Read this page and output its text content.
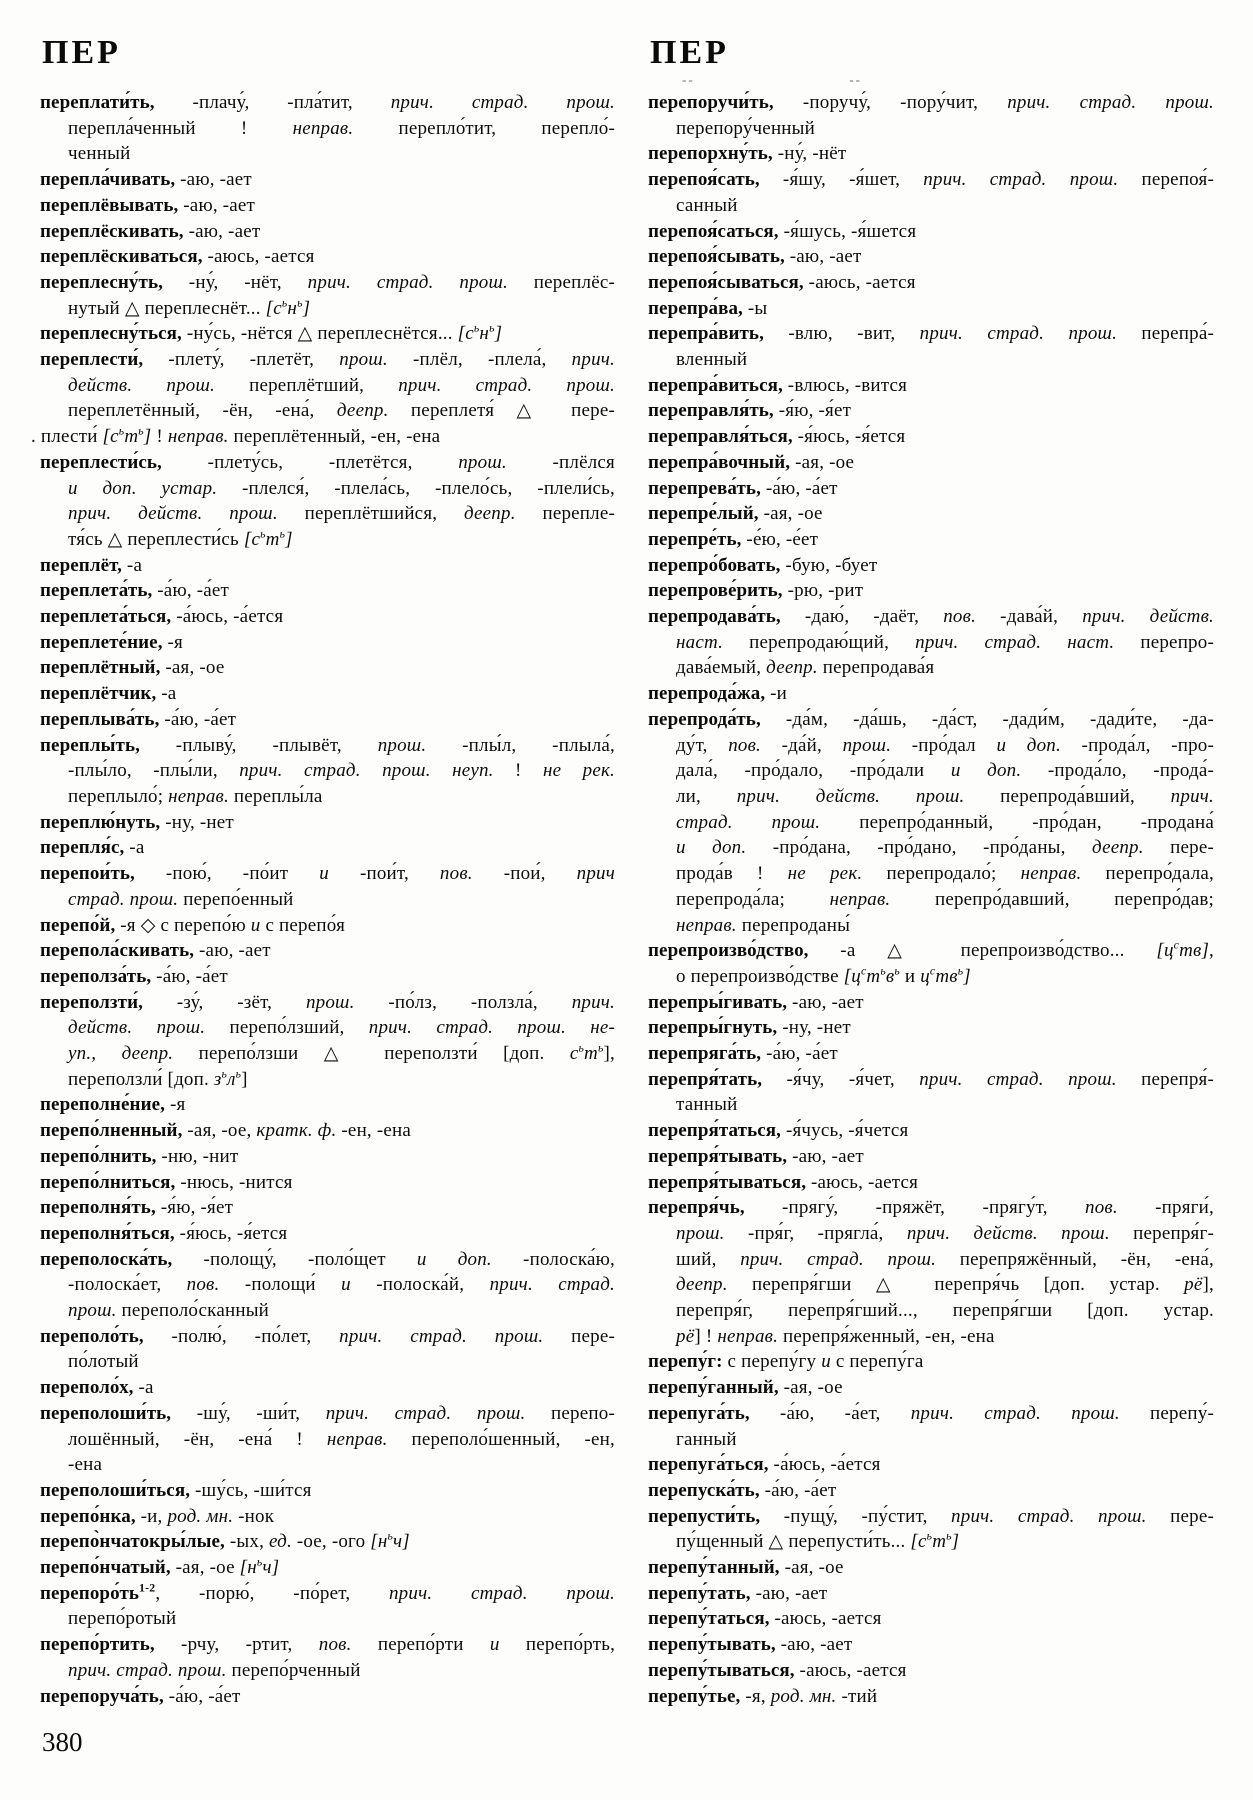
ПЕР	ПЕР
--	--
переплати́ть, -плачу́, -пла́тит, прич. страд. прош.
перепла́ченный ! неправ. перепло́тит, перепло́-
ченный
перепла́чивать, -аю, -ает
переплёвывать, -аю, -ает
переплёскивать, -аю, -ает
переплёскиваться, -аюсь, -ается
переплесну́ть, -ну́, -нёт, прич. страд. прош. переплёс-
нутый △ переплеснёт... $[с^ьн^ь]$
переплесну́ться, -ну́сь, -нётся △ переплеснётся... $[с^ьн^ь]$
переплести́, -плету́, -плетёт, прош. -плёл, -плела́, прич.
действ. прош. переплётший, прич. страд. прош.
переплетённый, -ён, -ена́, деепр. переплетя́ △ пере-
. плести́ $[с^ьт^ь]$ ! неправ. переплётенный, -ен, -ена
переплести́сь, -плету́сь, -плетётся, прош. -плёлся
и доп. устар. -плелся́, -плела́сь, -плело́сь, -плели́сь,
прич. действ. прош. переплётшийся, деепр. перепле-
тя́сь △ переплести́сь $[с^ьт^ь]$
переплёт, -а
переплета́ть, -а́ю, -а́ет
переплета́ться, -а́юсь, -а́ется
переплете́ние, -я
переплётный, -ая, -ое
переплётчик, -а
переплыва́ть, -а́ю, -а́ет
переплы́ть, -плыву́, -плывёт, прош. -плы́л, -плыла́,
-плы́ло, -плы́ли, прич. страд. прош. неуп. ! не рек.
переплыло́; неправ. переплы́ла
переплю́нуть, -ну, -нет
перепля́с, -а
перепои́ть, -пою́, -по́ит и -пои́т, пов. -пои́, прич
страд. прош. перепо́енный
перепо́й, -я ◇ с перепо́ю и с перепо́я
перепола́скивать, -аю, -ает
переполза́ть, -а́ю, -а́ет
переползти́, -зу́, -зёт, прош. -по́лз, -ползла́, прич.
действ. прош. перепо́лзший, прич. страд. прош. не-
уп., деепр. перепо́лзши △ переползти́ [доп. $с^ьт^ь$],
переползли́ [доп. $з^ьл^ь$]
переполне́ние, -я
перепо́лненный, -ая, -ое, кратк. ф. -ен, -ена
перепо́лнить, -ню, -нит
перепо́лниться, -нюсь, -нится
переполня́ть, -я́ю, -я́ет
переполня́ться, -я́юсь, -я́ется
переполоска́ть, -полощу́, -поло́щет и доп. -полоска́ю,
-полоска́ет, пов. -полощи́ и -полоска́й, прич. страд.
прош. переполо́сканный
переполо́ть, -полю́, -по́лет, прич. страд. прош. пере-
по́лотый
переполо́х, -а
переполоши́ть, -шу́, -ши́т, прич. страд. прош. перепо-
лошённый, -ён, -ена́ ! неправ. переполо́шенный, -ен,
-ена
переполоши́ться, -шу́сь, -ши́тся
перепо́нка, -и, род. мн. -нок
перепо̀нчатокры́лые, -ых, ед. -ое, -ого $[н^ьч]$
перепо́нчатый, -ая, -ое $[н^ьч]$
$перепоро́ть^{1-2}$, -порю́, -по́рет, прич. страд. прош.
перепо́ротый
перепо́ртить, -рчу, -ртит, пов. перепо́рти и перепо́рть,
прич. страд. прош. перепо́рченный
перепоруча́ть, -а́ю, -а́ет
перепоручи́ть, -поручу́, -пору́чит, прич. страд. прош.
перепору́ченный
перепорхну́ть, -ну́, -нёт
перепоя́сать, -я́шу, -я́шет, прич. страд. прош. перепоя́-
санный
перепоя́саться, -я́шусь, -я́шется
перепоя́сывать, -аю, -ает
перепоя́сываться, -аюсь, -ается
перепра́ва, -ы
перепра́вить, -влю, -вит, прич. страд. прош. перепра́-
вленный
перепра́виться, -влюсь, -вится
переправля́ть, -я́ю, -я́ет
переправля́ться, -я́юсь, -я́ется
перепра́вочный, -ая, -ое
перепрева́ть, -а́ю, -а́ет
перепре́лый, -ая, -ое
перепре́ть, -е́ю, -е́ет
перепро́бовать, -бую, -бует
перепрове́рить, -рю, -рит
перепродава́ть, -даю́, -даёт, пов. -дава́й, прич. действ.
наст. перепродаю́щий, прич. страд. наст. перепро-
дава́емый, деепр. перепродава́я
перепрода́жа, -и
перепрода́ть, -да́м, -да́шь, -да́ст, -дади́м, -дади́те, -да-
ду́т, пов. -да́й, прош. -про́дал и доп. -прода́л, -про-
дала́, -про́дало, -про́дали и доп. -прода́ло, -прода́-
ли, прич. действ. прош. перепрода́вший, прич.
страд. прош. перепро́данный, -про́дан, -продана́
и доп. -про́дана, -про́дано, -про́даны, деепр. пере-
прода́в ! не рек. перепродало́; неправ. перепро́дала,
перепрода́ла; неправ. перепро́давший, перепро́дав;
неправ. перепроданы́
перепроизво́дство, -а △ перепроизво́дство... $[ц^ств]$,
о перепроизво́дстве [$ц^ст^ьв^ь$ и $ц^ств^ь$]
перепры́гивать, -аю, -ает
перепры́гнуть, -ну, -нет
перепряга́ть, -а́ю, -а́ет
перепря́тать, -я́чу, -я́чет, прич. страд. прош. перепря́-
танный
перепря́таться, -я́чусь, -я́чется
перепря́тывать, -аю, -ает
перепря́тываться, -аюсь, -ается
перепря́чь, -прягу́, -пряжёт, -прягу́т, пов. -пряги́,
прош. -пря́г, -прягла́, прич. действ. прош. перепря́г-
ший, прич. страд. прош. перепряжённый, -ён, -ена́,
деепр. перепря́гши △ перепря́чь [доп. устар. рё],
перепря́г, перепря́гший..., перепря́гши [доп. устар.
рё] ! неправ. перепря́женный, -ен, -ена
перепу́г: с перепу́гу и с перепу́га
перепу́ганный, -ая, -ое
перепуга́ть, -а́ю, -а́ет, прич. страд. прош. перепу́-
ганный
перепуга́ться, -а́юсь, -а́ется
перепуска́ть, -а́ю, -а́ет
перепусти́ть, -пущу́, -пу́стит, прич. страд. прош. пере-
пу́щенный △ перепусти́ть... $[с^ьт^ь]$
перепу́танный, -ая, -ое
перепу́тать, -аю, -ает
перепу́таться, -аюсь, -ается
перепу́тывать, -аю, -ает
перепу́тываться, -аюсь, -ается
перепу́тье, -я, род. мн. -тий
380
